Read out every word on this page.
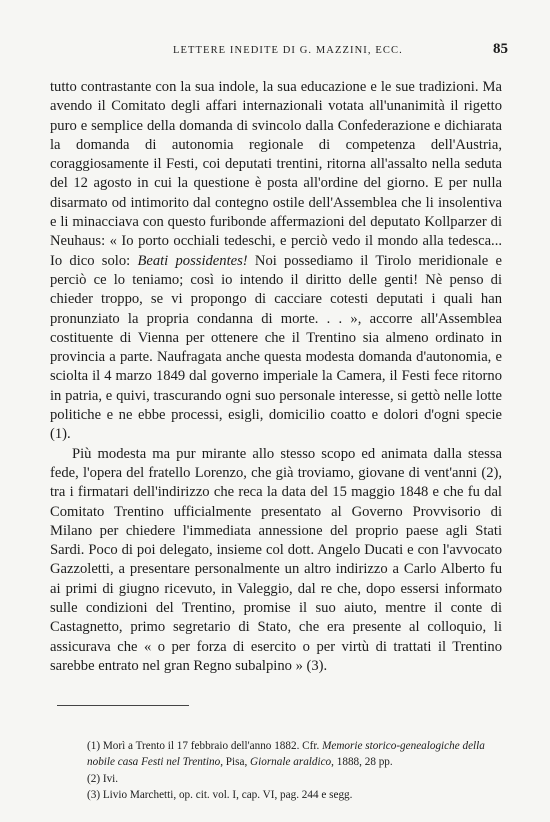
LETTERE INEDITE DI G. MAZZINI, ECC.	85

tutto contrastante con la sua indole, la sua educazione e le sue tradizioni. Ma avendo il Comitato degli affari internazionali votata all'unanimità il rigetto puro e semplice della domanda di svincolo dalla Confederazione e dichiarata la domanda di autonomia regionale di competenza dell'Austria, coraggiosamente il Festi, coi deputati trentini, ritorna all'assalto nella seduta del 12 agosto in cui la questione è posta all'ordine del giorno. E per nulla disarmato od intimorito dal contegno ostile dell'Assemblea che li insolentiva e li minacciava con questo furibonde affermazioni del deputato Kollparzer di Neuhaus: « Io porto occhiali tedeschi, e perciò vedo il mondo alla tedesca... Io dico solo: Beati possidentes! Noi possediamo il Tirolo meridionale e perciò ce lo teniamo; così io intendo il diritto delle genti! Nè penso di chieder troppo, se vi propongo di cacciare cotesti deputati i quali han pronunziato la propria condanna di morte. . . », accorre all'Assemblea costituente di Vienna per ottenere che il Trentino sia almeno ordinato in provincia a parte. Naufragata anche questa modesta domanda d'autonomia, e sciolta il 4 marzo 1849 dal governo imperiale la Camera, il Festi fece ritorno in patria, e quivi, trascurando ogni suo personale interesse, si gettò nelle lotte politiche e ne ebbe processi, esigli, domicilio coatto e dolori d'ogni specie (1).

Più modesta ma pur mirante allo stesso scopo ed animata dalla stessa fede, l'opera del fratello Lorenzo, che già troviamo, giovane di vent'anni (2), tra i firmatari dell'indirizzo che reca la data del 15 maggio 1848 e che fu dal Comitato Trentino ufficialmente presentato al Governo Provvisorio di Milano per chiedere l'immediata annessione del proprio paese agli Stati Sardi. Poco di poi delegato, insieme col dott. Angelo Ducati e con l'avvocato Gazzoletti, a presentare personalmente un altro indirizzo a Carlo Alberto fu ai primi di giugno ricevuto, in Valeggio, dal re che, dopo essersi informato sulle condizioni del Trentino, promise il suo aiuto, mentre il conte di Castagnetto, primo segretario di Stato, che era presente al colloquio, li assicurava che « o per forza di esercito o per virtù di trattati il Trentino sarebbe entrato nel gran Regno subalpino » (3).

(1) Morì a Trento il 17 febbraio dell'anno 1882. Cfr. Memorie storico-genealogiche della nobile casa Festi nel Trentino, Pisa, Giornale araldico, 1888, 28 pp.
(2) Ivi.
(3) Livio Marchetti, op. cit. vol. I, cap. VI, pag. 244 e segg.
